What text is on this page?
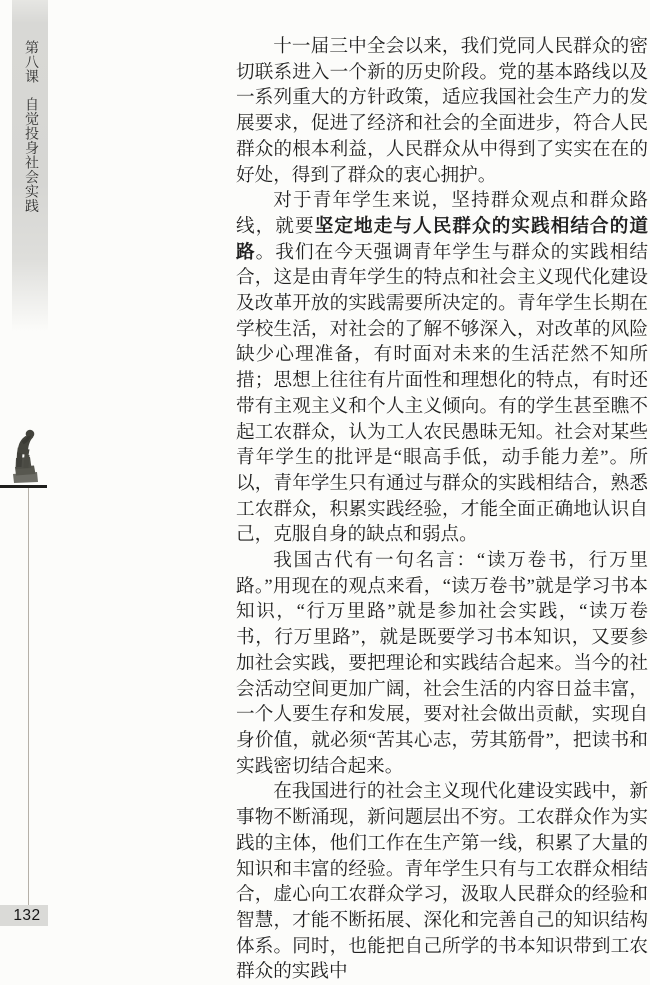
第八课
自觉投身社会实践
132

十一届三中全会以来，我们党同人民群众的密切联系进入一个新的历史阶段。党的基本路线以及一系列重大的方针政策，适应我国社会生产力的发展要求，促进了经济和社会的全面进步，符合人民群众的根本利益，人民群众从中得到了实实在在的好处，得到了群众的衷心拥护。

对于青年学生来说，坚持群众观点和群众路线，就要坚定地走与人民群众的实践相结合的道路。我们在今天强调青年学生与群众的实践相结合，这是由青年学生的特点和社会主义现代化建设及改革开放的实践需要所决定的。青年学生长期在学校生活，对社会的了解不够深入，对改革的风险缺少心理准备，有时面对未来的生活茫然不知所措；思想上往往有片面性和理想化的特点，有时还带有主观主义和个人主义倾向。有的学生甚至瞧不起工农群众，认为工人农民愚昧无知。社会对某些青年学生的批评是“眼高手低，动手能力差”。所以，青年学生只有通过与群众的实践相结合，熟悉工农群众，积累实践经验，才能全面正确地认识自己，克服自身的缺点和弱点。

我国古代有一句名言：“读万卷书，行万里路。”用现在的观点来看，“读万卷书”就是学习书本知识，“行万里路”就是参加社会实践，“读万卷书，行万里路”，就是既要学习书本知识，又要参加社会实践，要把理论和实践结合起来。当今的社会活动空间更加广阔，社会生活的内容日益丰富，一个人要生存和发展，要对社会做出贡献，实现自身价值，就必须“苦其心志，劳其筋骨”，把读书和实践密切结合起来。

在我国进行的社会主义现代化建设实践中，新事物不断涌现，新问题层出不穷。工农群众作为实践的主体，他们工作在生产第一线，积累了大量的知识和丰富的经验。青年学生只有与工农群众相结合，虚心向工农群众学习，汲取人民群众的经验和智慧，才能不断拓展、深化和完善自己的知识结构体系。同时，也能把自己所学的书本知识带到工农群众的实践中
